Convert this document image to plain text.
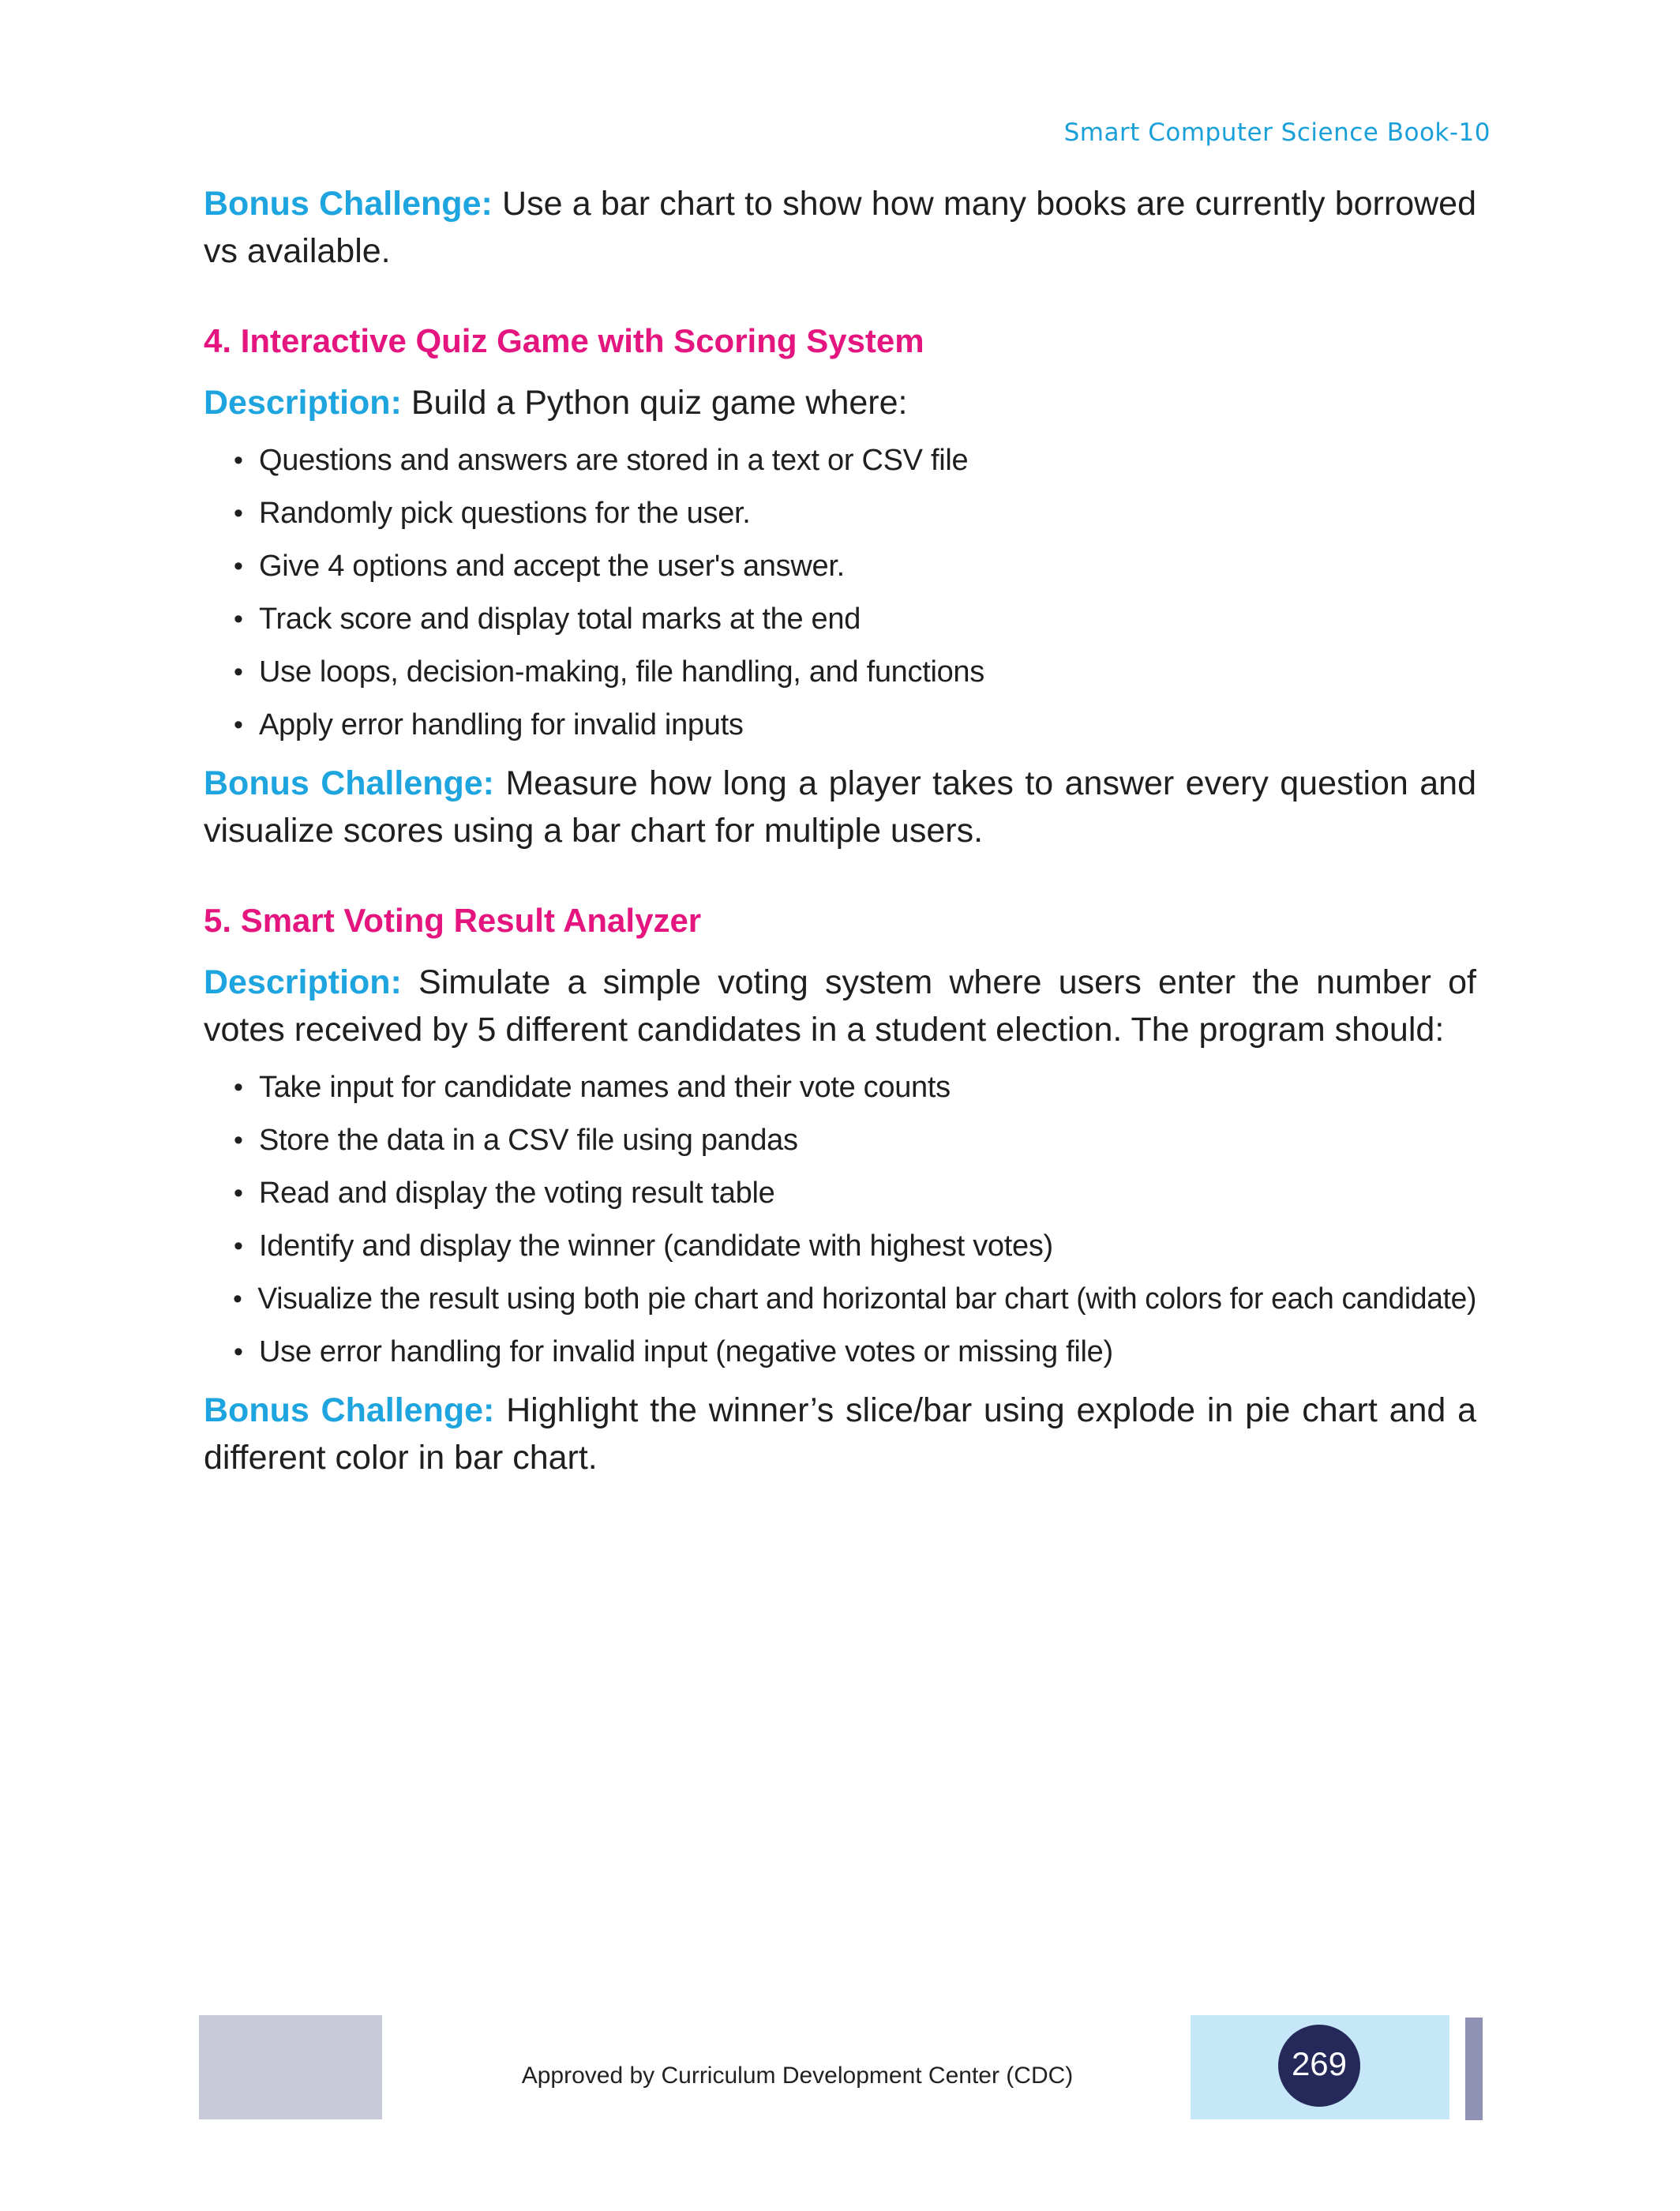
Smart Computer Science Book-10

Bonus Challenge: Use a bar chart to show how many books are currently borrowed vs available.

4. Interactive Quiz Game with Scoring System

Description: Build a Python quiz game where:

• Questions and answers are stored in a text or CSV file
• Randomly pick questions for the user.
• Give 4 options and accept the user's answer.
• Track score and display total marks at the end
• Use loops, decision-making, file handling, and functions
• Apply error handling for invalid inputs

Bonus Challenge: Measure how long a player takes to answer every question and visualize scores using a bar chart for multiple users.

5. Smart Voting Result Analyzer

Description: Simulate a simple voting system where users enter the number of votes received by 5 different candidates in a student election. The program should:

• Take input for candidate names and their vote counts
• Store the data in a CSV file using pandas
• Read and display the voting result table
• Identify and display the winner (candidate with highest votes)
• Visualize the result using both pie chart and horizontal bar chart (with colors for each candidate)
• Use error handling for invalid input (negative votes or missing file)

Bonus Challenge: Highlight the winner’s slice/bar using explode in pie chart and a different color in bar chart.

Approved by Curriculum Development Center (CDC)	269
